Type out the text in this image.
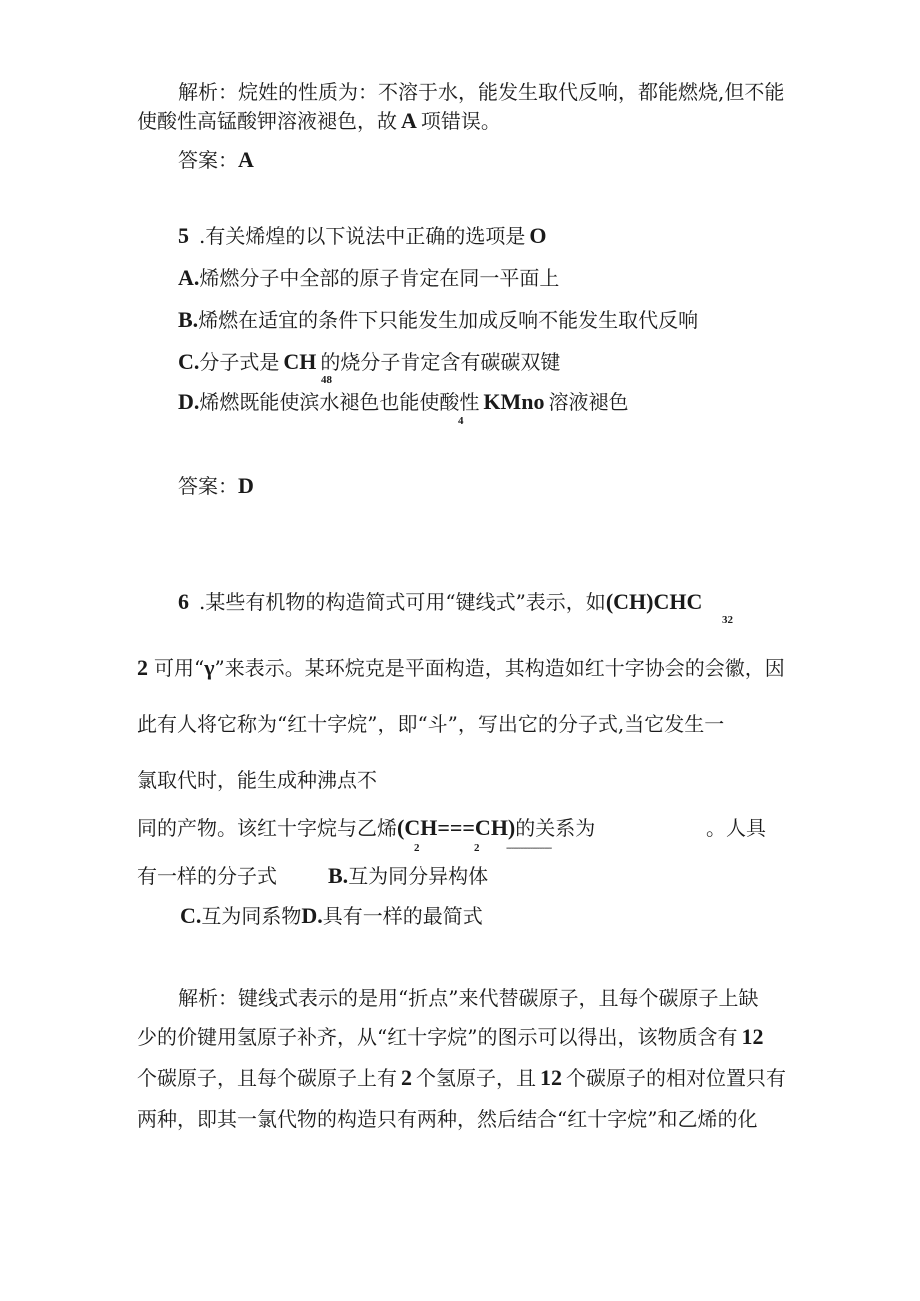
解析：烷姓的性质为：不溶于水，能发生取代反响，都能燃烧,但不能
使酸性高锰酸钾溶液褪色，故 A 项错误。
答案：A
5 .有关烯煌的以下说法中正确的选项是 O
A.烯燃分子中全部的原子肯定在同一平面上
B.烯燃在适宜的条件下只能发生加成反响不能发生取代反响
C.分子式是 CH 的烧分子肯定含有碳碳双键
48
D.烯燃既能使滨水褪色也能使酸性 KMno 溶液褪色
4
答案：D
6 .某些有机物的构造简式可用“键线式”表示，如(CH)CHC
32
2 可用“γ”来表示。某环烷克是平面构造，其构造如红十字协会的会徽，因
此有人将它称为“红十字烷”，即“斗”，写出它的分子式,当它发生一
氯取代时，能生成种沸点不
同的产物。该红十字烷与乙烯(CH===CH)的关系为	。人具
2	2	-------------------
有一样的分子式 B.互为同分异构体
C.互为同系物D.具有一样的最简式
解析：键线式表示的是用“折点”来代替碳原子，且每个碳原子上缺
少的价键用氢原子补齐，从“红十字烷”的图示可以得出，该物质含有 12
个碳原子，且每个碳原子上有 2 个氢原子，且 12 个碳原子的相对位置只有
两种，即其一氯代物的构造只有两种，然后结合“红十字烷”和乙烯的化
